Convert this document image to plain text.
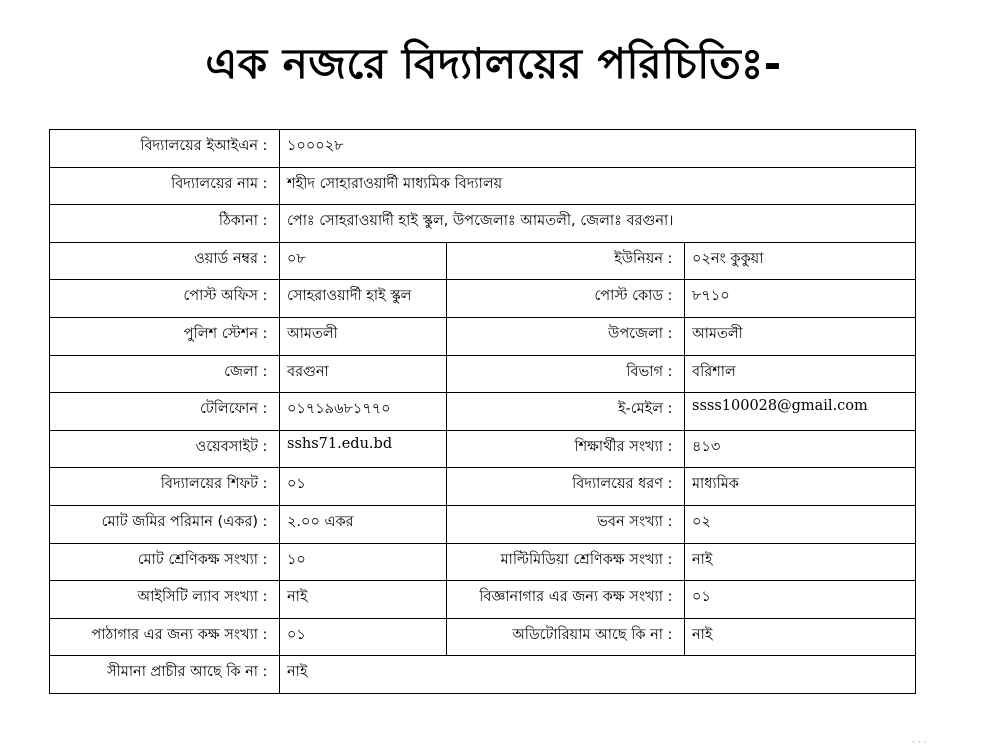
এক নজরে বিদ্যালয়ের পরিচিতিঃ-
বিদ্যালয়ের ইআইএন :	১০০০২৮		
বিদ্যালয়ের নাম :	শহীদ সোহারাওয়ার্দী মাধ্যমিক বিদ্যালয়		
ঠিকানা :	পোঃ সোহরাওয়ার্দী হাই স্কুল, উপজেলাঃ আমতলী, জেলাঃ বরগুনা।		
ওয়ার্ড নম্বর :	০৮	ইউনিয়ন :	০২নং কুকুয়া
পোস্ট অফিস :	সোহরাওয়ার্দী হাই স্কুল	পোস্ট কোড :	৮৭১০
পুলিশ স্টেশন :	আমতলী	উপজেলা :	আমতলী
জেলা :	বরগুনা	বিভাগ :	বরিশাল
টেলিফোন :	০১৭১৯৬৮১৭৭০	ই-মেইল :	ssss100028@gmail.com
ওয়েবসাইট :	sshs71.edu.bd	শিক্ষার্থীর সংখ্যা :	৪১৩
বিদ্যালয়ের শিফট :	০১	বিদ্যালয়ের ধরণ :	মাধ্যমিক
মোট জমির পরিমান (একর) :	২.০০ একর	ভবন সংখ্যা :	০২
মোট শ্রেণিকক্ষ সংখ্যা :	১০	মাল্টিমিডিয়া শ্রেণিকক্ষ সংখ্যা :	নাই
আইসিটি ল্যাব সংখ্যা :	নাই	বিজ্ঞানাগার এর জন্য কক্ষ সংখ্যা :	০১
পাঠাগার এর জন্য কক্ষ সংখ্যা :	০১	অডিটোরিয়াম আছে কি না :	নাই
সীমানা প্রাচীর আছে কি না :	নাই		
· · ·
